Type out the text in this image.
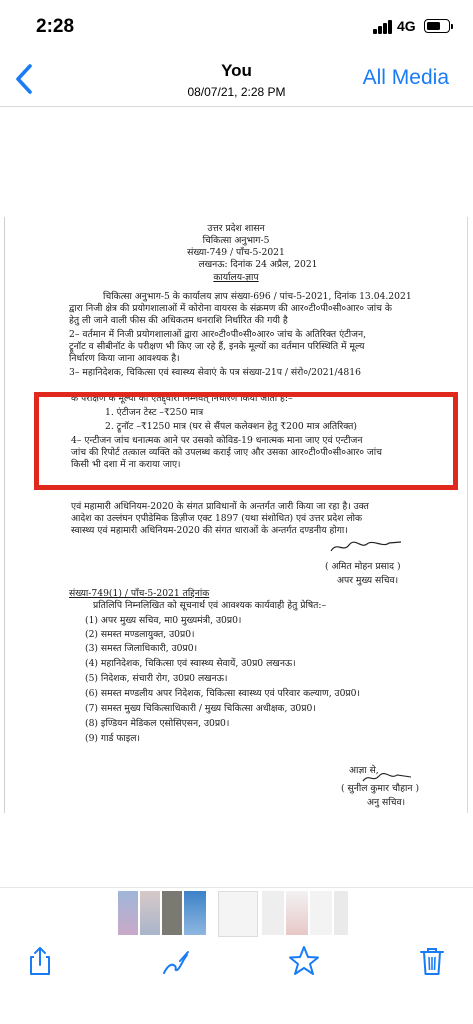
2:28	4G
You
08/07/21, 2:28 PM
All Media
उत्तर प्रदेश शासन
चिकित्सा अनुभाग-5
संख्या-749 / पाँच-5-2021
लखनऊ: दिनांक 24 अप्रैल, 2021
कार्यालय-ज्ञाप
चिकित्सा अनुभाग-5 के कार्यालय ज्ञाप संख्या-696 / पांच-5-2021, दिनांक 13.04.2021
द्वारा निजी क्षेत्र की प्रयोगशालाओं में कोरोना वायरस के संक्रमण की आर०टी०पी०सी०आर० जांच के
हेतु ली जाने वाली फीस की अधिकतम धनराशि निर्धारित की गयी है
2– वर्तमान में निजी प्रयोगशालाओं द्वारा आर०टी०पी०सी०आर० जांच के अतिरिक्त एंटीजन,
ट्रूनॉट व सीबीनॉट के परीक्षण भी किए जा रहे हैं, इनके मूल्यों का वर्तमान परिस्थिति में मूल्य
निर्धारण किया जाना आवश्यक है।
3– महानिदेशक, चिकित्सा एवं स्वास्थ्य सेवाएं के पत्र संख्या-21प / संरो०/2021/4816
के परीक्षण के मूल्यों का एतद्द्वारा निम्नवत् निर्धारण किया जाता है:–
1. एंटीजन टेस्ट –₹250 मात्र
2. ट्रूनॉट –₹1250 मात्र (घर से सैंपल कलेक्शन हेतु ₹200 मात्र अतिरिक्त)
4– एन्टीजन जांच धनात्मक आने पर उसको कोविड-19 धनात्मक माना जाए एवं एन्टीजन
जांच की रिपोर्ट तत्काल व्यक्ति को उपलब्ध कराई जाए और उसका आर०टी०पी०सी०आर० जांच
किसी भी दशा में ना कराया जाए।
एवं महामारी अधिनियम-2020 के संगत प्राविधानों के अन्तर्गत जारी किया जा रहा है। उक्त
आदेश का उल्लंघन एपीडेमिक डिज़ीज एक्ट 1897 (यथा संशोधित) एवं उत्तर प्रदेश लोक
स्वास्थ्य एवं महामारी अधिनियम-2020 की संगत धाराओं के अन्तर्गत दण्डनीय होगा।
( अमित मोहन प्रसाद )
अपर मुख्य सचिव।
संख्या-749(1) / पाँच-5-2021 तद्दिनांक
प्रतिलिपि निम्नलिखित को सूचनार्थ एवं आवश्यक कार्यवाही हेतु प्रेषित:–
(1) अपर मुख्य सचिव, मा0 मुख्यमंत्री, उ0प्र0।
(2) समस्त मण्डलायुक्त, उ0प्र0।
(3) समस्त जिलाधिकारी, उ0प्र0।
(4) महानिदेशक, चिकित्सा एवं स्वास्थ्य सेवायें, उ0प्र0 लखनऊ।
(5) निदेशक, संचारी रोग, उ0प्र0 लखनऊ।
(6) समस्त मण्डलीय अपर निदेशक, चिकित्सा स्वास्थ्य एवं परिवार कल्याण, उ0प्र0।
(7) समस्त मुख्य चिकित्साधिकारी / मुख्य चिकित्सा अधीक्षक, उ0प्र0।
(8) इण्डियन मेडिकल एसोसिएसन, उ0प्र0।
(9) गार्ड फाइल।
आज्ञा से,
( सुनील कुमार चौहान )
अनु सचिव।
